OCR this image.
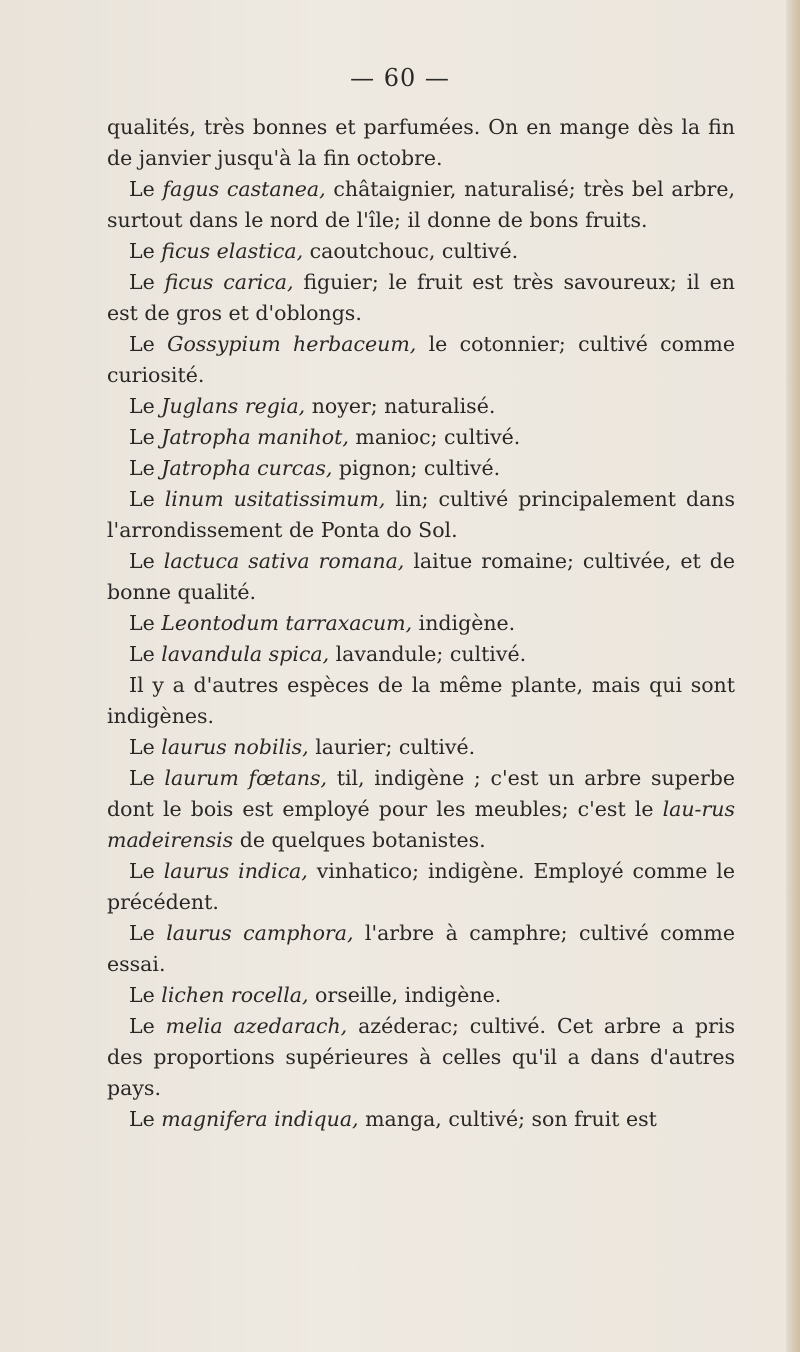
— 60 —

qualités, très bonnes et parfumées. On en mange dès la fin de janvier jusqu'à la fin octobre.

Le fagus castanea, châtaignier, naturalisé; très bel arbre, surtout dans le nord de l'île; il donne de bons fruits.

Le ficus elastica, caoutchouc, cultivé.

Le ficus carica, figuier; le fruit est très savoureux; il en est de gros et d'oblongs.

Le Gossypium herbaceum, le cotonnier; cultivé comme curiosité.

Le Juglans regia, noyer; naturalisé.

Le Jatropha manihot, manioc; cultivé.

Le Jatropha curcas, pignon; cultivé.

Le linum usitatissimum, lin; cultivé principalement dans l'arrondissement de Ponta do Sol.

Le lactuca sativa romana, laitue romaine; cultivée, et de bonne qualité.

Le Leontodum tarraxacum, indigène.

Le lavandula spica, lavandule; cultivé.

Il y a d'autres espèces de la même plante, mais qui sont indigènes.

Le laurus nobilis, laurier; cultivé.

Le laurum fœtans, til, indigène ; c'est un arbre superbe dont le bois est employé pour les meubles; c'est le lau-rus madeirensis de quelques botanistes.

Le laurus indica, vinhatico; indigène. Employé comme le précédent.

Le laurus camphora, l'arbre à camphre; cultivé comme essai.

Le lichen rocella, orseille, indigène.

Le melia azedarach, azéderac; cultivé. Cet arbre a pris des proportions supérieures à celles qu'il a dans d'autres pays.

Le magnifera indiqua, manga, cultivé; son fruit est
